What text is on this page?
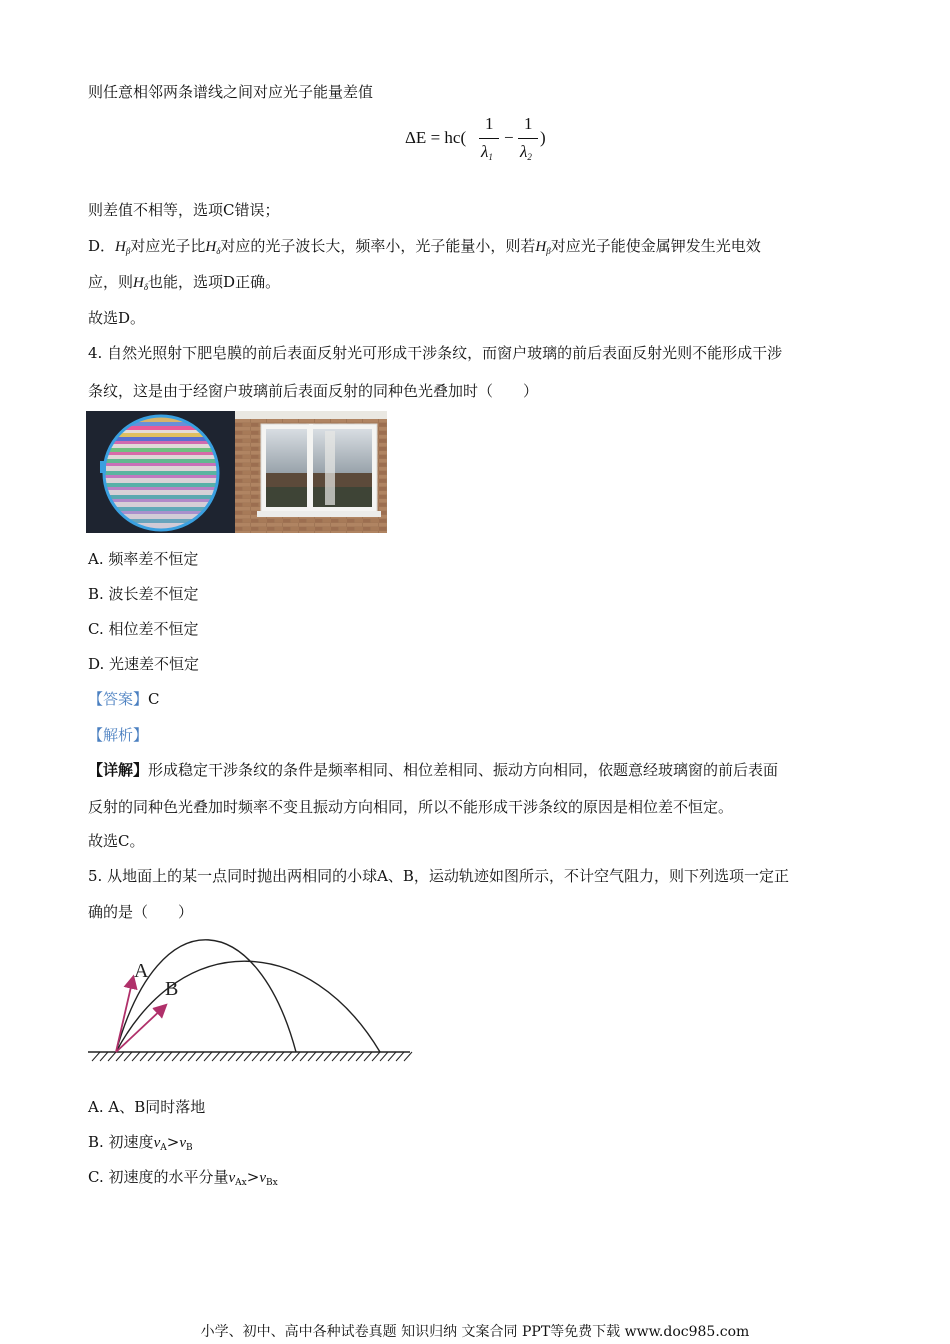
则任意相邻两条谱线之间对应光子能量差值
ΔE = hc(
1
$\lambda_1$
−
1
$\lambda_2$
)
则差值不相等，选项C错误；
D．$H_\beta$对应光子比$H_\delta$对应的光子波长大，频率小，光子能量小，则若$H_\beta$对应光子能使金属钾发生光电效
应，则$H_\delta$也能，选项D正确。
故选D。
4. 自然光照射下肥皂膜的前后表面反射光可形成干涉条纹，而窗户玻璃的前后表面反射光则不能形成干涉
条纹，这是由于经窗户玻璃前后表面反射的同种色光叠加时（　　）
A. 频率差不恒定
B. 波长差不恒定
C. 相位差不恒定
D. 光速差不恒定
【答案】C
【解析】
【详解】形成稳定干涉条纹的条件是频率相同、相位差相同、振动方向相同，依题意经玻璃窗的前后表面
反射的同种色光叠加时频率不变且振动方向相同，所以不能形成干涉条纹的原因是相位差不恒定。
故选C。
5. 从地面上的某一点同时抛出两相同的小球A、B，运动轨迹如图所示，不计空气阻力，则下列选项一定正
确的是（　　）
A
B
A. A、B同时落地
B. 初速度$v_A>v_B$
C. 初速度的水平分量$v_{Ax}>v_{Bx}$
小学、初中、高中各种试卷真题 知识归纳 文案合同 PPT等免费下载 www.doc985.com
